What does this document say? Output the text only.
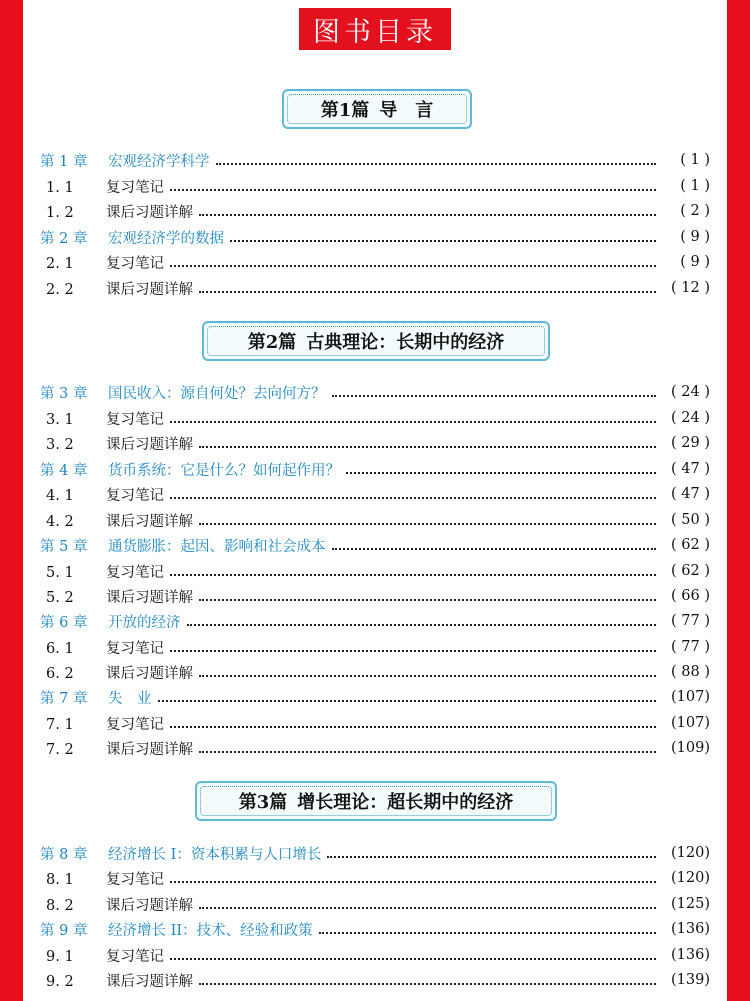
图书目录
第1篇 导　言
第2篇 古典理论：长期中的经济
第3篇 增长理论：超长期中的经济
第 1 章	宏观经济学科学	( 1 )
1. 1 复习笔记	( 1 )
1. 2 课后习题详解	( 2 )
第 2 章	宏观经济学的数据	( 9 )
2. 1 复习笔记	( 9 )
2. 2 课后习题详解	( 12 )
第 3 章	国民收入：源自何处？去向何方？	( 24 )
3. 1 复习笔记	( 24 )
3. 2 课后习题详解	( 29 )
第 4 章	货币系统：它是什么？如何起作用？	( 47 )
4. 1 复习笔记	( 47 )
4. 2 课后习题详解	( 50 )
第 5 章	通货膨胀：起因、影响和社会成本	( 62 )
5. 1 复习笔记	( 62 )
5. 2 课后习题详解	( 66 )
第 6 章	开放的经济	( 77 )
6. 1 复习笔记	( 77 )
6. 2 课后习题详解	( 88 )
第 7 章	失　业	(107)
7. 1 复习笔记	(107)
7. 2 课后习题详解	(109)
第 8 章	经济增长 I：资本积累与人口增长	(120)
8. 1 复习笔记	(120)
8. 2 课后习题详解	(125)
第 9 章	经济增长 II：技术、经验和政策	(136)
9. 1 复习笔记	(136)
9. 2 课后习题详解	(139)
